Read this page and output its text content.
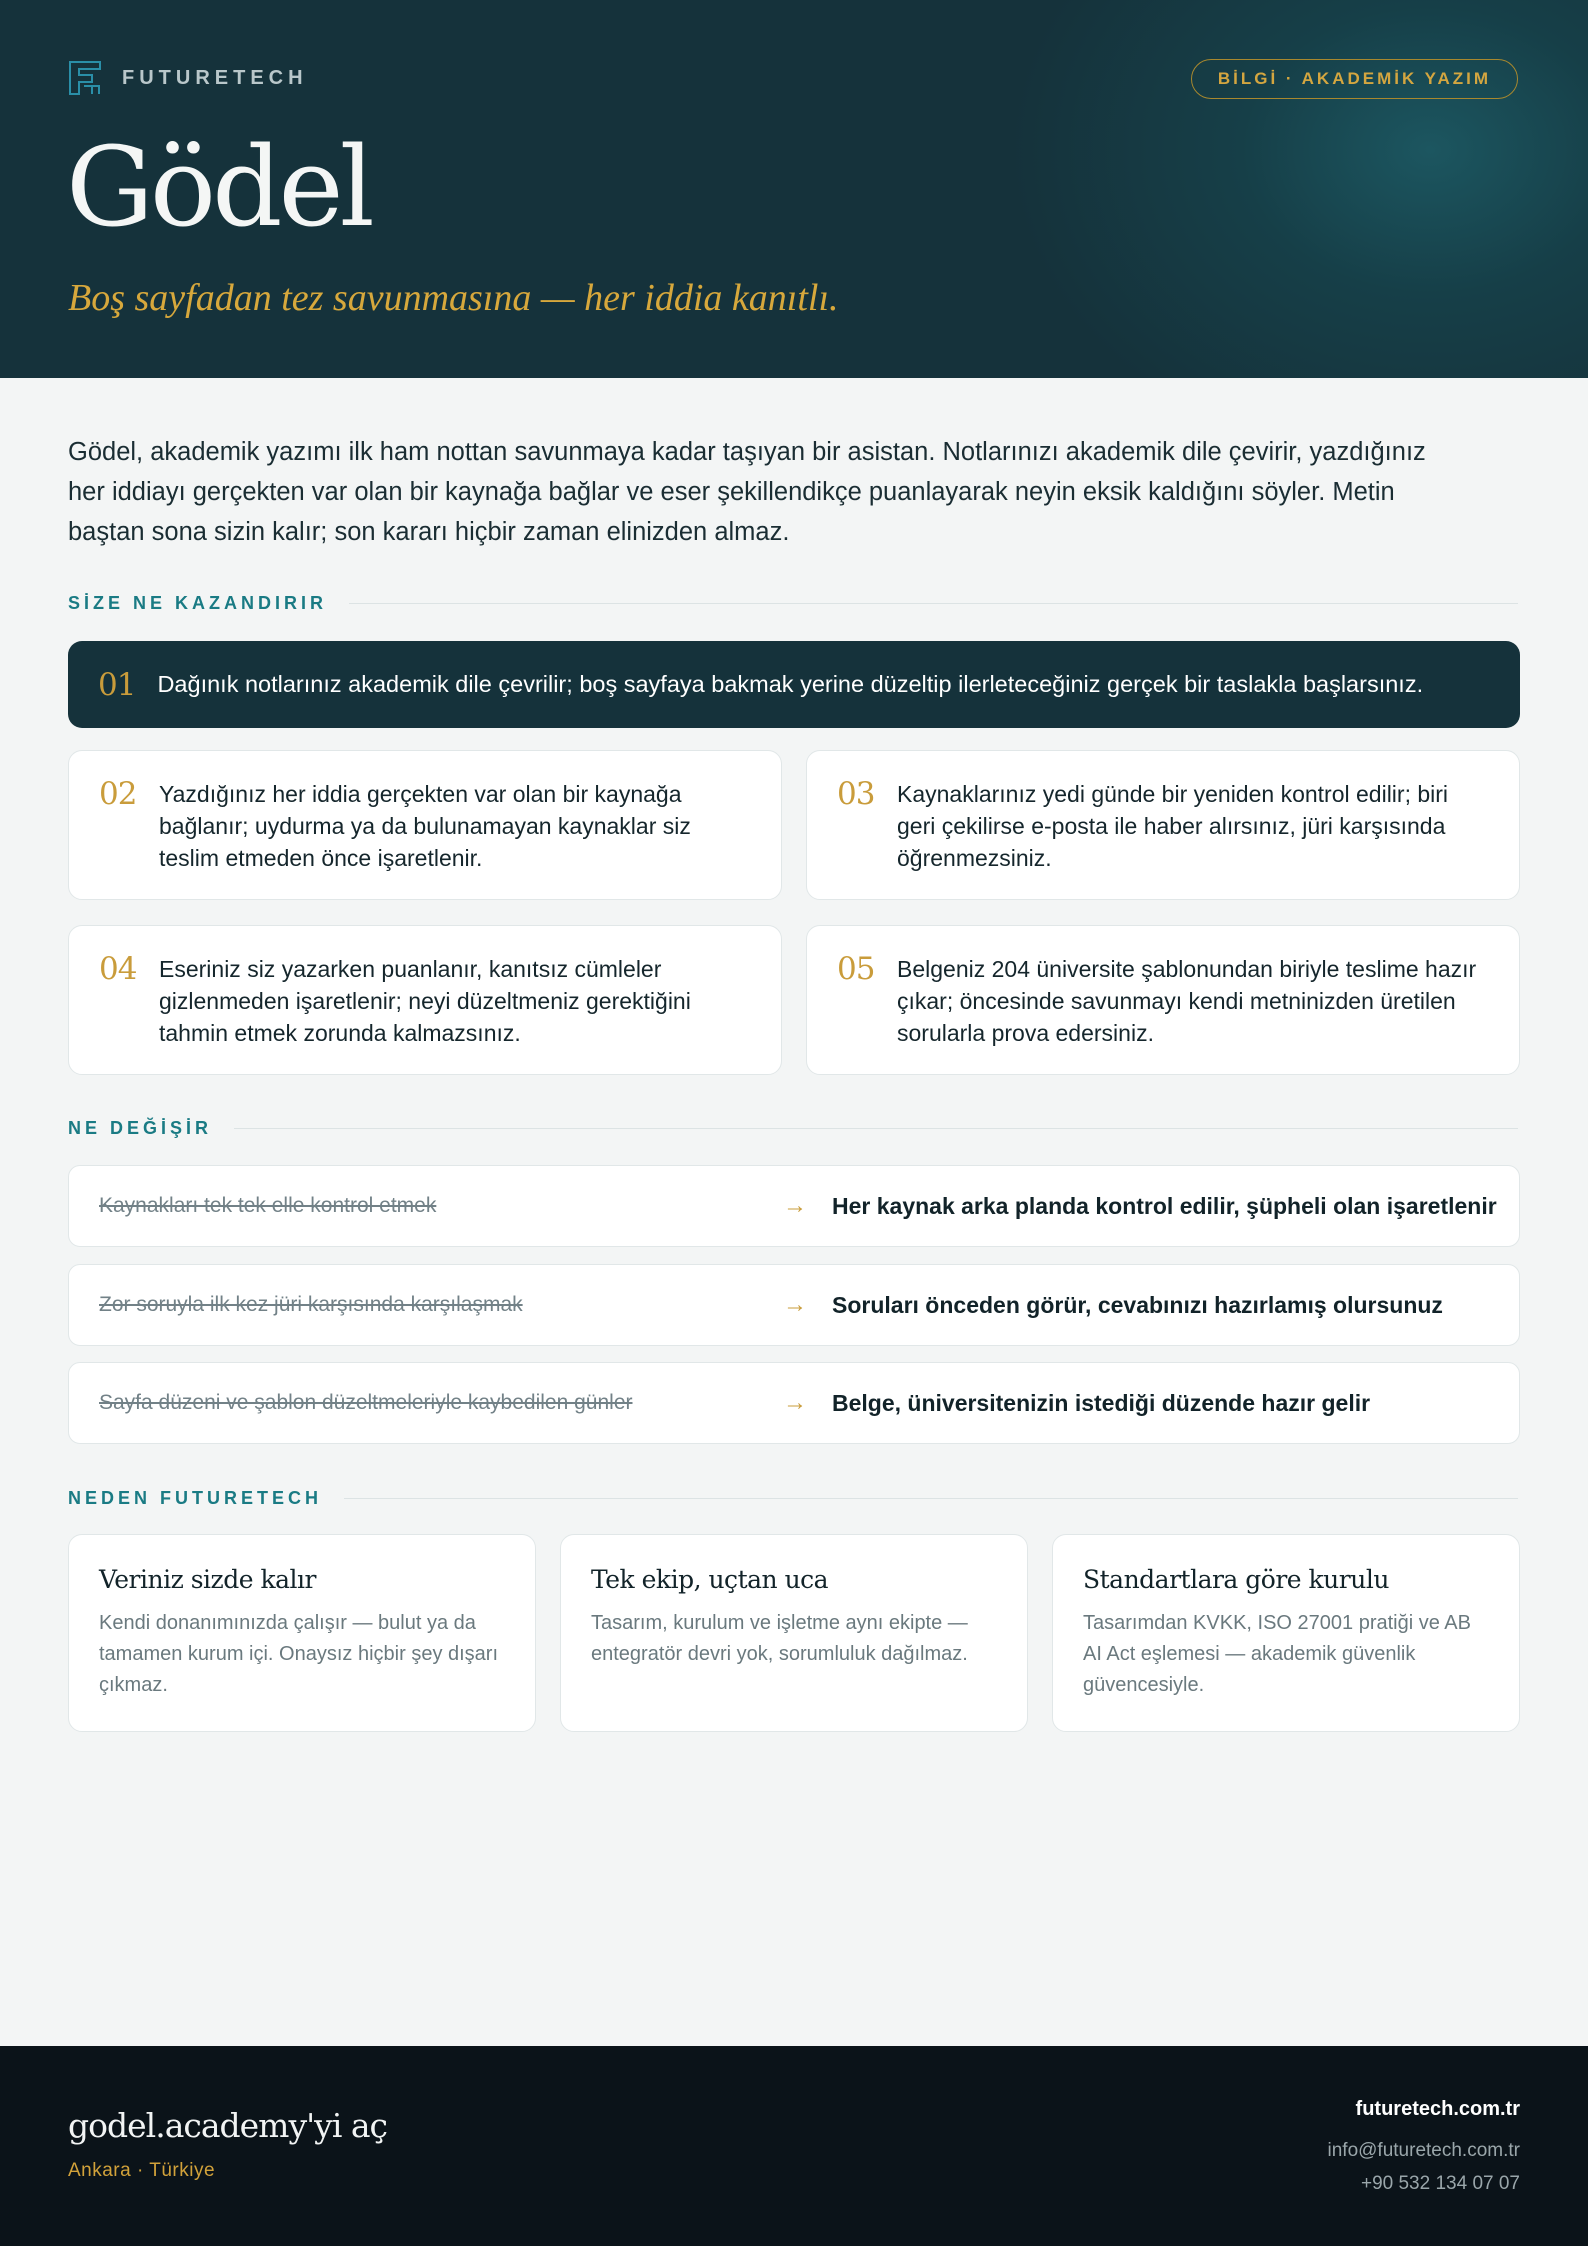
FUTURETECH	BİLGİ · AKADEMİK YAZIM
Gödel
Boş sayfadan tez savunmasına — her iddia kanıtlı.

Gödel, akademik yazımı ilk ham nottan savunmaya kadar taşıyan bir asistan. Notlarınızı akademik dile çevirir, yazdığınız her iddiayı gerçekten var olan bir kaynağa bağlar ve eser şekillendikçe puanlayarak neyin eksik kaldığını söyler. Metin baştan sona sizin kalır; son kararı hiçbir zaman elinizden almaz.

SİZE NE KAZANDIRIR
01 Dağınık notlarınız akademik dile çevrilir; boş sayfaya bakmak yerine düzeltip ilerleteceğiniz gerçek bir taslakla başlarsınız.
02 Yazdığınız her iddia gerçekten var olan bir kaynağa bağlanır; uydurma ya da bulunamayan kaynaklar siz teslim etmeden önce işaretlenir.
03 Kaynaklarınız yedi günde bir yeniden kontrol edilir; biri geri çekilirse e-posta ile haber alırsınız, jüri karşısında öğrenmezsiniz.
04 Eseriniz siz yazarken puanlanır, kanıtsız cümleler gizlenmeden işaretlenir; neyi düzeltmeniz gerektiğini tahmin etmek zorunda kalmazsınız.
05 Belgeniz 204 üniversite şablonundan biriyle teslime hazır çıkar; öncesinde savunmayı kendi metninizden üretilen sorularla prova edersiniz.
NE DEĞİŞİR
Kaynakları tek tek elle kontrol etmek	→ Her kaynak arka planda kontrol edilir, şüpheli olan işaretlenir
Zor soruyla ilk kez jüri karşısında karşılaşmak	→ Soruları önceden görür, cevabınızı hazırlamış olursunuz
Sayfa düzeni ve şablon düzeltmeleriyle kaybedilen günler	→ Belge, üniversitenizin istediği düzende hazır gelir
NEDEN FUTURETECH
Veriniz sizde kalır

Kendi donanımınızda çalışır — bulut ya da tamamen kurum içi. Onaysız hiçbir şey dışarı çıkmaz.

Tek ekip, uçtan uca

Tasarım, kurulum ve işletme aynı ekipte — entegratör devri yok, sorumluluk dağılmaz.

Standartlara göre kurulu

Tasarımdan KVKK, ISO 27001 pratiği ve AB AI Act eşlemesi — akademik güvenlik güvencesiyle.

godel.academy'yi aç
Ankara · Türkiye
futuretech.com.tr
info@futuretech.com.tr
+90 532 134 07 07
